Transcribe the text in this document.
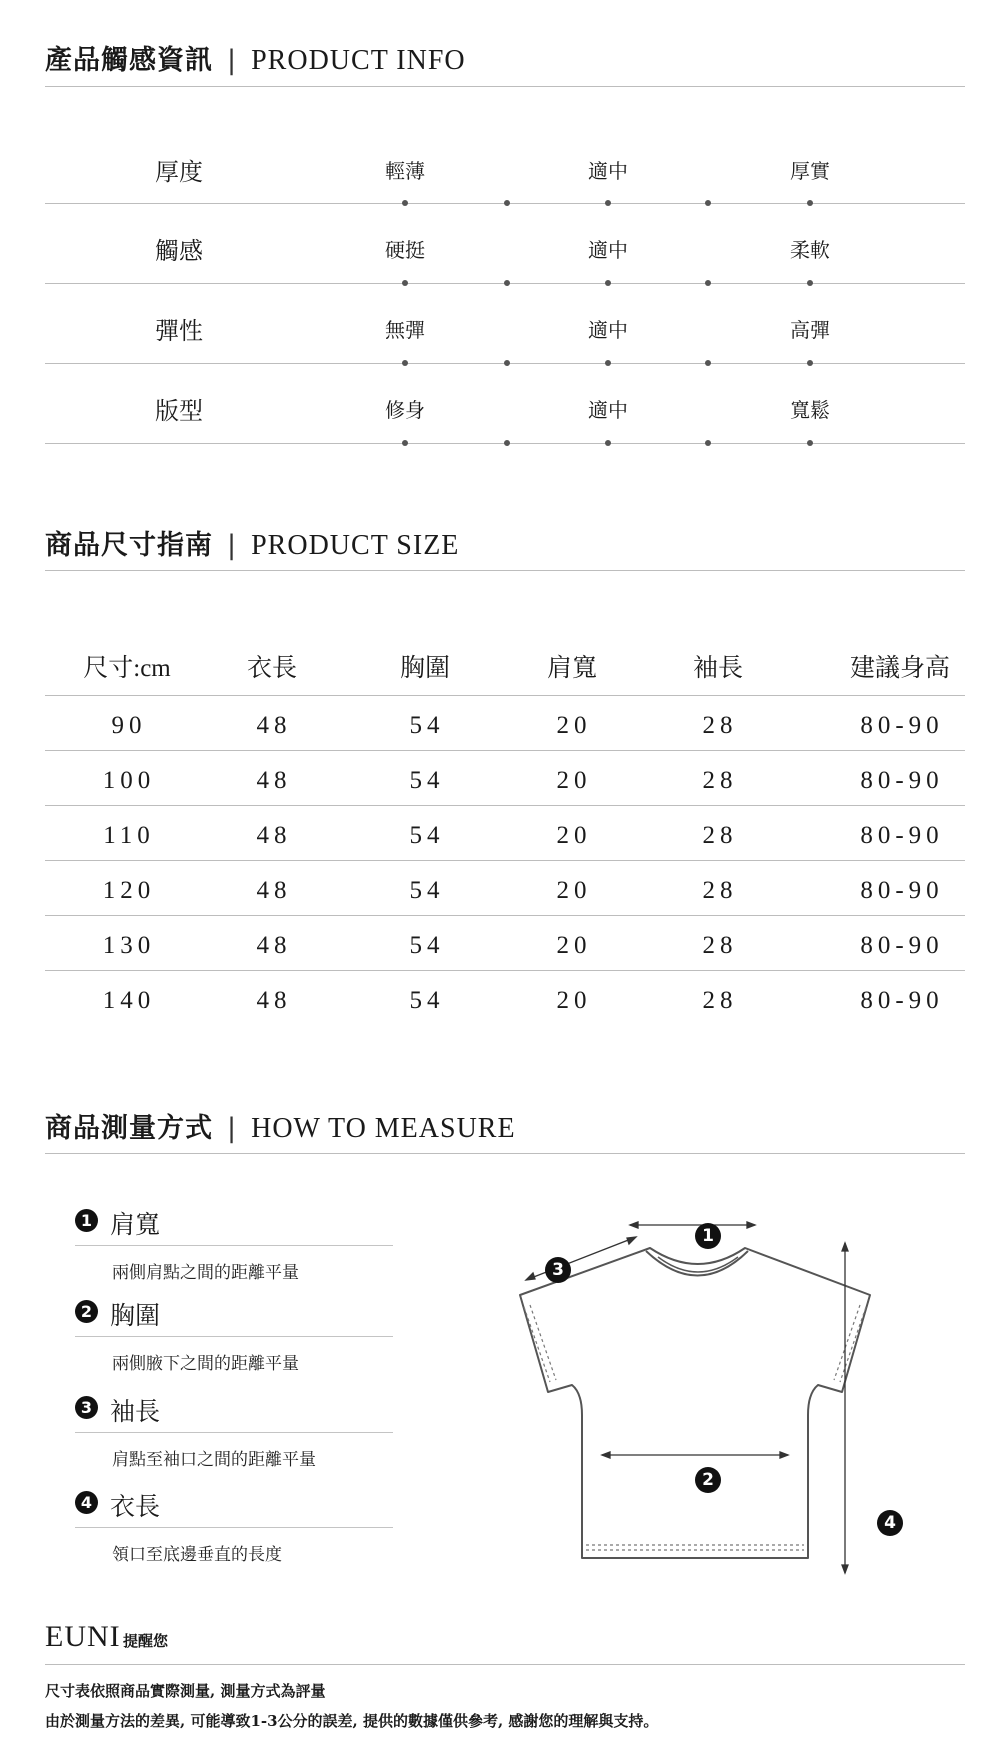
產品觸感資訊 | PRODUCT INFO
厚度	輕薄	適中	厚實
觸感	硬挺	適中	柔軟
彈性	無彈	適中	高彈
版型	修身	適中	寬鬆
商品尺寸指南 | PRODUCT SIZE
尺寸:cm	衣長	胸圍	肩寬	袖長	建議身高
90	48	54	20	28	80-90
100	48	54	20	28	80-90
110	48	54	20	28	80-90
120	48	54	20	28	80-90
130	48	54	20	28	80-90
140	48	54	20	28	80-90
商品測量方式 | HOW TO MEASURE
1 肩寬
兩側肩點之間的距離平量
2 胸圍
兩側腋下之間的距離平量
3 袖長
肩點至袖口之間的距離平量
4 衣長
領口至底邊垂直的長度
1
2
3
4
EUNI 提醒您
尺寸表依照商品實際測量, 測量方式為評量
由於測量方法的差異, 可能導致1-3公分的誤差, 提供的數據僅供參考, 感謝您的理解與支持。
